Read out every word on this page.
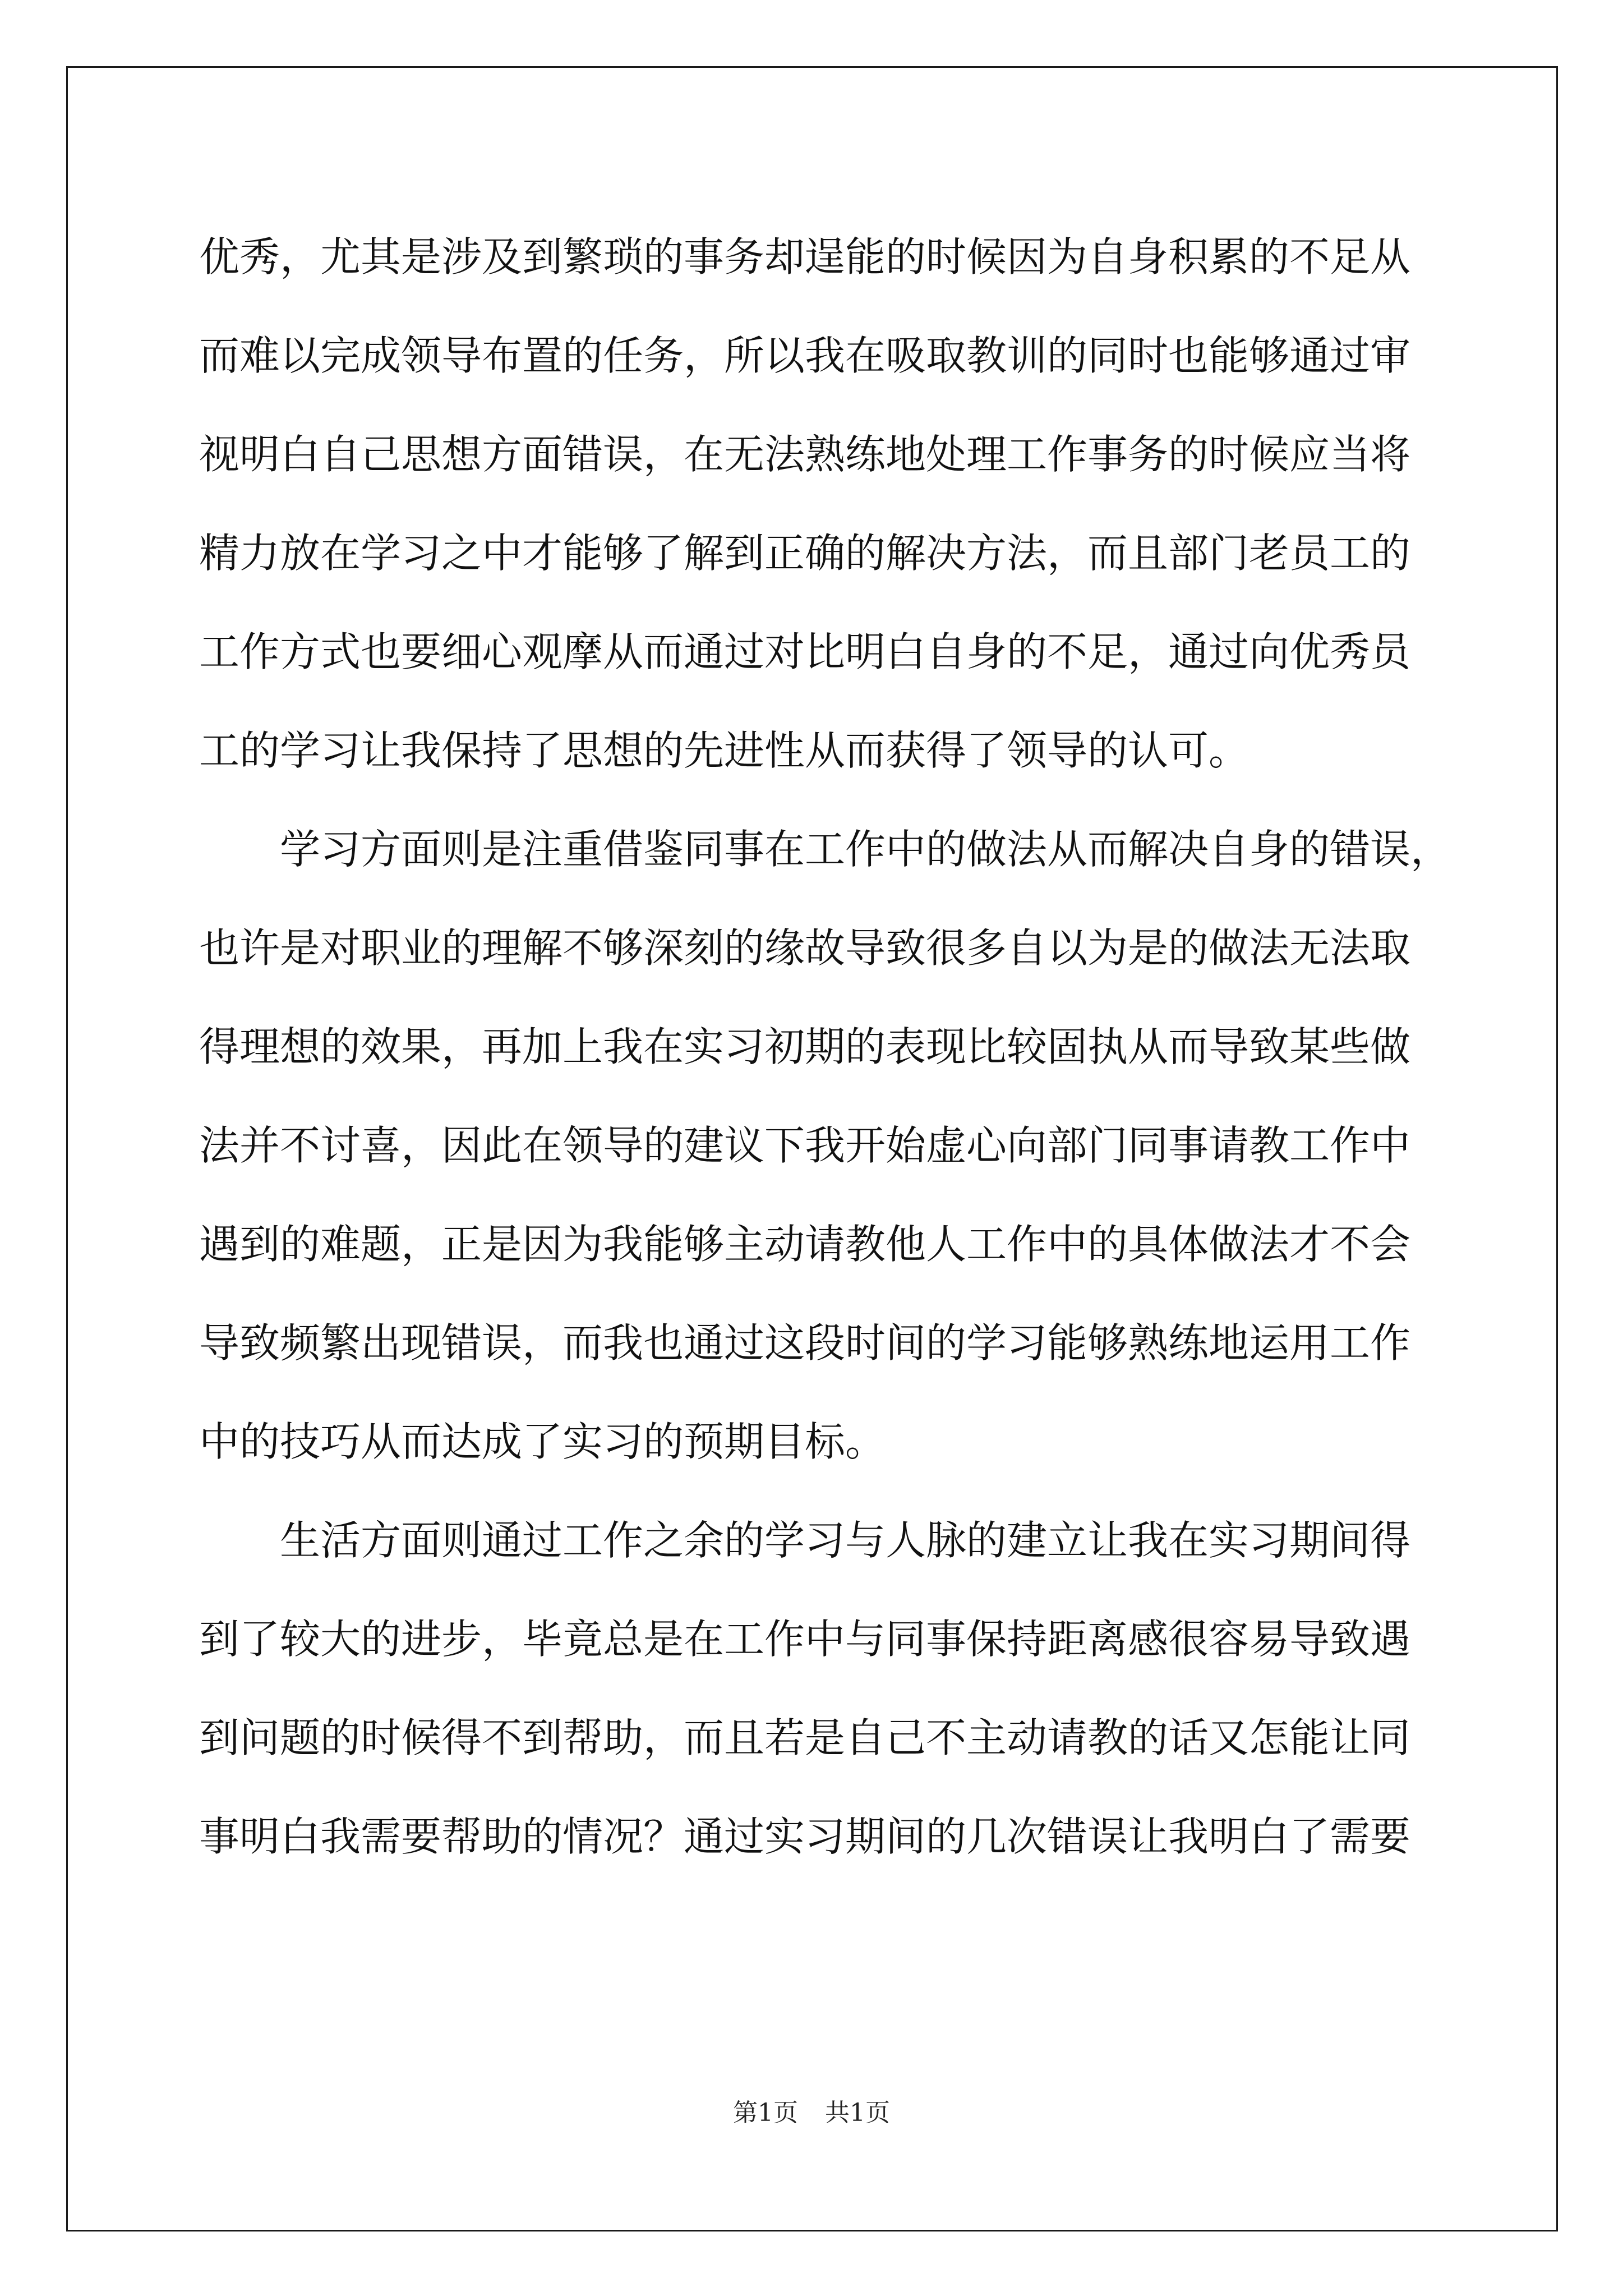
优秀，尤其是涉及到繁琐的事务却逞能的时候因为自身积累的不足从
而难以完成领导布置的任务，所以我在吸取教训的同时也能够通过审
视明白自己思想方面错误，在无法熟练地处理工作事务的时候应当将
精力放在学习之中才能够了解到正确的解决方法，而且部门老员工的
工作方式也要细心观摩从而通过对比明白自身的不足，通过向优秀员
工的学习让我保持了思想的先进性从而获得了领导的认可。
学习方面则是注重借鉴同事在工作中的做法从而解决自身的错误，
也许是对职业的理解不够深刻的缘故导致很多自以为是的做法无法取
得理想的效果，再加上我在实习初期的表现比较固执从而导致某些做
法并不讨喜，因此在领导的建议下我开始虚心向部门同事请教工作中
遇到的难题，正是因为我能够主动请教他人工作中的具体做法才不会
导致频繁出现错误，而我也通过这段时间的学习能够熟练地运用工作
中的技巧从而达成了实习的预期目标。
生活方面则通过工作之余的学习与人脉的建立让我在实习期间得
到了较大的进步，毕竟总是在工作中与同事保持距离感很容易导致遇
到问题的时候得不到帮助，而且若是自己不主动请教的话又怎能让同
事明白我需要帮助的情况？通过实习期间的几次错误让我明白了需要
第1页 共1页
